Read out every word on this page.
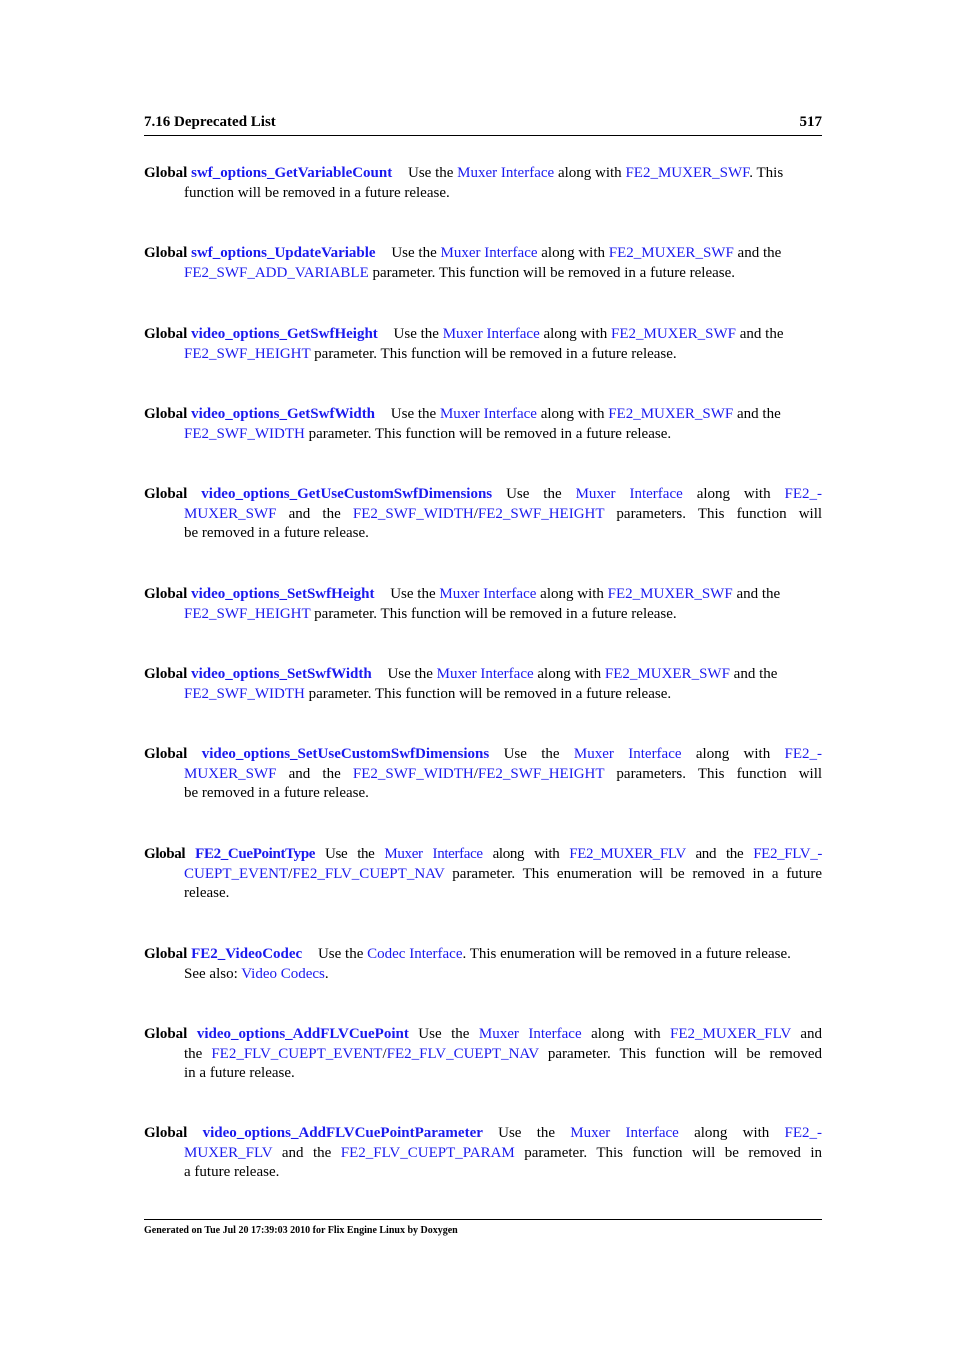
7.16 Deprecated List	517
Global swf_options_GetVariableCount Use the Muxer Interface along with FE2_MUXER_SWF. This
function will be removed in a future release.
Global swf_options_UpdateVariable Use the Muxer Interface along with FE2_MUXER_SWF and the
FE2_SWF_ADD_VARIABLE parameter. This function will be removed in a future release.
Global video_options_GetSwfHeight Use the Muxer Interface along with FE2_MUXER_SWF and the
FE2_SWF_HEIGHT parameter. This function will be removed in a future release.
Global video_options_GetSwfWidth Use the Muxer Interface along with FE2_MUXER_SWF and the
FE2_SWF_WIDTH parameter. This function will be removed in a future release.
Global video_options_GetUseCustomSwfDimensions Use the Muxer Interface along with FE2_-
MUXER_SWF and the FE2_SWF_WIDTH/FE2_SWF_HEIGHT parameters. This function will
be removed in a future release.
Global video_options_SetSwfHeight Use the Muxer Interface along with FE2_MUXER_SWF and the
FE2_SWF_HEIGHT parameter. This function will be removed in a future release.
Global video_options_SetSwfWidth Use the Muxer Interface along with FE2_MUXER_SWF and the
FE2_SWF_WIDTH parameter. This function will be removed in a future release.
Global video_options_SetUseCustomSwfDimensions Use the Muxer Interface along with FE2_-
MUXER_SWF and the FE2_SWF_WIDTH/FE2_SWF_HEIGHT parameters. This function will
be removed in a future release.
Global FE2_CuePointType Use the Muxer Interface along with FE2_MUXER_FLV and the FE2_FLV_-
CUEPT_EVENT/FE2_FLV_CUEPT_NAV parameter. This enumeration will be removed in a future
release.
Global FE2_VideoCodec Use the Codec Interface. This enumeration will be removed in a future release.
See also: Video Codecs.
Global video_options_AddFLVCuePoint Use the Muxer Interface along with FE2_MUXER_FLV and
the FE2_FLV_CUEPT_EVENT/FE2_FLV_CUEPT_NAV parameter. This function will be removed
in a future release.
Global video_options_AddFLVCuePointParameter Use the Muxer Interface along with FE2_-
MUXER_FLV and the FE2_FLV_CUEPT_PARAM parameter. This function will be removed in
a future release.
Generated on Tue Jul 20 17:39:03 2010 for Flix Engine Linux by Doxygen
